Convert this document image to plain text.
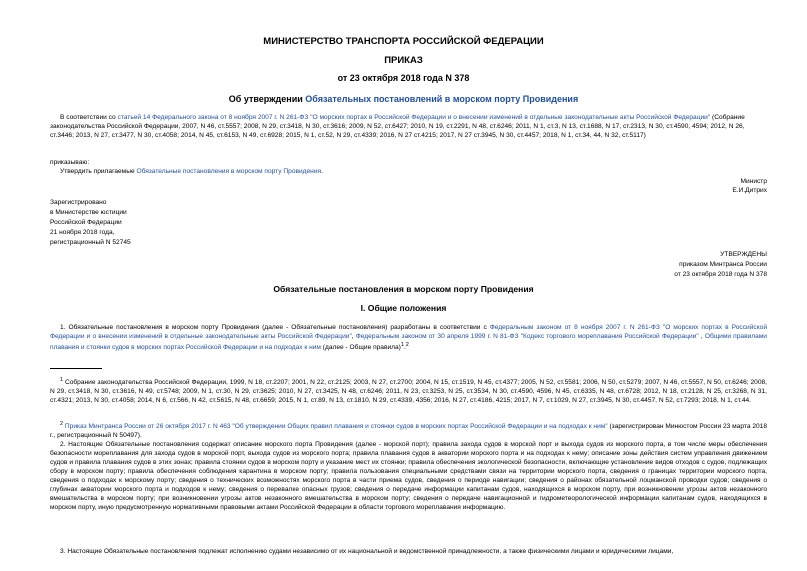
МИНИСТЕРСТВО ТРАНСПОРТА РОССИЙСКОЙ ФЕДЕРАЦИИ
ПРИКАЗ
от 23 октября 2018 года N 378
Об утверждении Обязательных постановлений в морском порту Провидения
В соответствии со статьей 14 Федерального закона от 8 ноября 2007 г. N 261-ФЗ "О морских портах в Российской Федерации и о внесении изменений в отдельные законодательные акты Российской Федерации" (Собрание законодательства Российской Федерации, 2007, N 46, ст.5557; 2008, N 29, ст.3418, N 30, ст.3616; 2009, N 52, ст.6427; 2010, N 19, ст.2291, N 48, ст.6246; 2011, N 1, ст.3, N 13, ст.1688, N 17, ст.2313, N 30, ст.4590, 4594; 2012, N 26, ст.3446; 2013, N 27, ст.3477, N 30, ст.4058; 2014, N 45, ст.6153, N 49, ст.6928; 2015, N 1, ст.52, N 29, ст.4339; 2016, N 27 ст.4215; 2017, N 27 ст.3945, N 30, ст.4457; 2018, N 1, ст.34, 44, N 32, ст.5117)
приказываю:
Утвердить прилагаемые Обязательные постановления в морском порту Провидения.
Министр
Е.И.Дитрих
Зарегистрировано
в Министерстве юстиции
Российской Федерации
21 ноября 2018 года,
регистрационный N 52745
УТВЕРЖДЕНЫ
приказом Минтранса России
от 23 октября 2018 года N 378
Обязательные постановления в морском порту Провидения
I. Общие положения
1. Обязательные постановления в морском порту Провидения (далее - Обязательные постановления) разработаны в соответствии с Федеральным законом от 8 ноября 2007 г. N 261-ФЗ "О морских портах в Российской Федерации и о внесении изменений в отдельные законодательные акты Российской Федерации", Федеральным законом от 30 апреля 1999 г. N 81-ФЗ "Кодекс торгового мореплавания Российской Федерации" , Общими правилами плавания и стоянки судов в морских портах Российской Федерации и на подходах к ним (далее - Общие правила)$^1$.$^2$
$^1$ Собрание законодательства Российской Федерации, 1999, N 18, ст.2207; 2001, N 22, ст.2125; 2003, N 27, ст.2700; 2004, N 15, ст.1519, N 45, ст.4377; 2005, N 52, ст.5581; 2006, N 50, ст.5279; 2007, N 46, ст.5557, N 50, ст.6246; 2008, N 29, ст.3418, N 30, ст.3616, N 49, ст.5748; 2009, N 1, ст.30, N 29, ст.3625; 2010, N 27, ст.3425, N 48, ст.6246; 2011, N 23, ст.3253, N 25, ст.3534, N 30, ст.4590, 4596, N 45, ст.6335, N 48, ст.6728; 2012, N 18, ст.2128, N 25, ст.3268, N 31, ст.4321; 2013, N 30, ст.4058; 2014, N 6, ст.566, N 42, ст.5615, N 48, ст.6659; 2015, N 1, ст.89, N 13, ст.1810, N 29, ст.4339, 4356; 2016, N 27, ст.4186, 4215; 2017, N 7, ст.1029, N 27, ст.3945, N 30, ст.4457, N 52, ст.7293; 2018, N 1, ст.44.
$^2$ Приказ Минтранса России от 26 октября 2017 г. N 463 "Об утверждении Общих правил плавания и стоянки судов в морских портах Российской Федерации и на подходах к ним" (зарегистрирован Минюстом России 23 марта 2018 г., регистрационный N 50497).
2. Настоящие Обязательные постановления содержат описание морского порта Провидения (далее - морской порт); правила захода судов в морской порт и выхода судов из морского порта, в том числе меры обеспечения безопасности мореплавания для захода судов в морской порт, выхода судов из морского порта; правила плавания судов в акватории морского порта и на подходах к нему; описание зоны действия систем управления движением судов и правила плавания судов в этих зонах; правила стоянки судов в морском порту и указание мест их стоянки; правила обеспечения экологической безопасности, включающие установление видов отходов с судов, подлежащих сбору в морском порту; правила обеспечения соблюдения карантина в морском порту; правила пользования специальными средствами связи на территории морского порта, сведения о границах территории морского порта, сведения о подходах к морскому порту; сведения о технических возможностях морского порта в части приема судов, сведения о периоде навигации; сведения о районах обязательной лоцманской проводки судов; сведения о глубинах акватории морского порта и подходов к нему; сведения о перевалке опасных грузов; сведения о передаче информации капитанам судов, находящихся в морском порту, при возникновении угрозы актов незаконного вмешательства в морском порту; при возникновении угрозы актов незаконного вмешательства в морском порту; сведения о передаче навигационной и гидрометеорологической информации капитанам судов, находящихся в морском порту, иную предусмотренную нормативными правовыми актами Российской Федерации в области торгового мореплавания информацию.
3. Настоящие Обязательные постановления подлежат исполнению судами независимо от их национальной и ведомственной принадлежности, а также физическими лицами и юридическими лицами,
